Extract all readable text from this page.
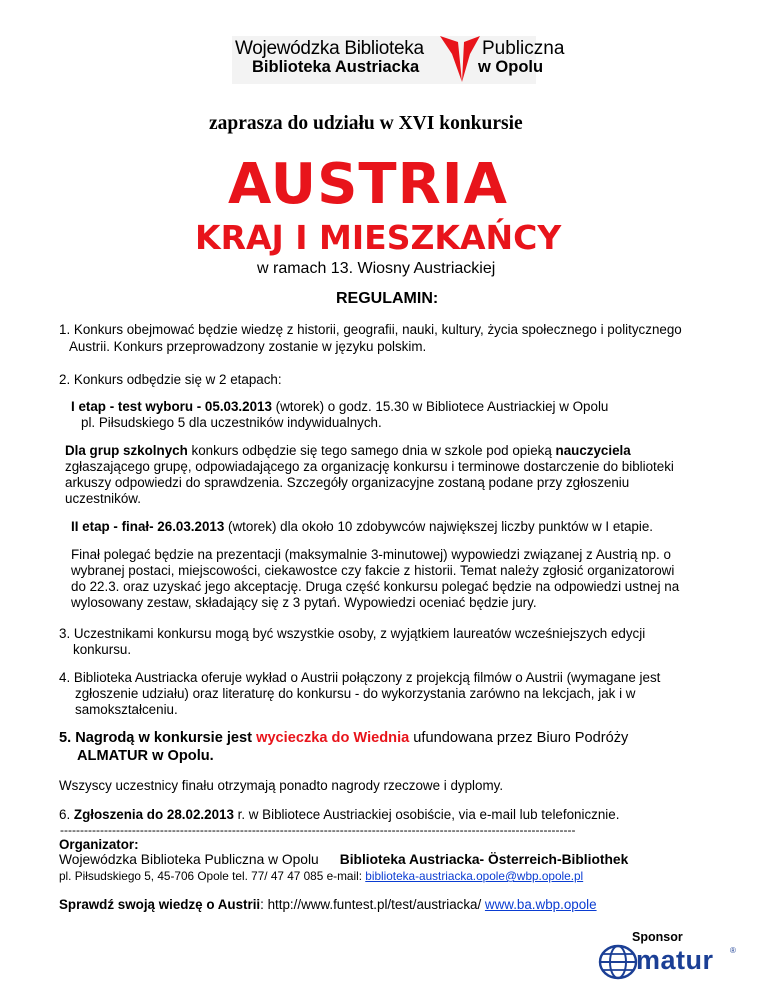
Wojewódzka Biblioteka
Biblioteka Austriacka
Publiczna
w Opolu
zaprasza do udziału w XVI konkursie
AUSTRIA
KRAJ I MIESZKAŃCY
w ramach 13. Wiosny Austriackiej
REGULAMIN:
1. Konkurs obejmować będzie wiedzę z historii, geografii, nauki, kultury, życia społecznego i politycznego
Austrii. Konkurs przeprowadzony zostanie w języku polskim.
2. Konkurs odbędzie się w 2 etapach:
I etap - test wyboru - 05.03.2013 (wtorek) o godz. 15.30 w Bibliotece Austriackiej w Opolu
pl. Piłsudskiego 5 dla uczestników indywidualnych.
Dla grup szkolnych konkurs odbędzie się tego samego dnia w szkole pod opieką nauczyciela
zgłaszającego grupę, odpowiadającego za organizację konkursu i terminowe dostarczenie do biblioteki
arkuszy odpowiedzi do sprawdzenia. Szczegóły organizacyjne zostaną podane przy zgłoszeniu
uczestników.
II etap - finał- 26.03.2013 (wtorek) dla około 10 zdobywców największej liczby punktów w I etapie.
Finał polegać będzie na prezentacji (maksymalnie 3-minutowej) wypowiedzi związanej z Austrią np. o
wybranej postaci, miejscowości, ciekawostce czy fakcie z historii. Temat należy zgłosić organizatorowi
do 22.3. oraz uzyskać jego akceptację. Druga część konkursu polegać będzie na odpowiedzi ustnej na
wylosowany zestaw, składający się z 3 pytań. Wypowiedzi oceniać będzie jury.
3. Uczestnikami konkursu mogą być wszystkie osoby, z wyjątkiem laureatów wcześniejszych edycji
konkursu.
4. Biblioteka Austriacka oferuje wykład o Austrii połączony z projekcją filmów o Austrii (wymagane jest
zgłoszenie udziału) oraz literaturę do konkursu - do wykorzystania zarówno na lekcjach, jak i w
samokształceniu.
5. Nagrodą w konkursie jest wycieczka do Wiednia ufundowana przez Biuro Podróży
ALMATUR w Opolu.
Wszyscy uczestnicy finału otrzymają ponadto nagrody rzeczowe i dyplomy.
6. Zgłoszenia do 28.02.2013 r. w Bibliotece Austriackiej osobiście, via e-mail lub telefonicznie.
---------------------------------------------------------------------------------------------------------------------------------
Organizator:
Wojewódzka Biblioteka Publiczna w Opolu Biblioteka Austriacka- Österreich-Bibliothek
pl. Piłsudskiego 5, 45-706 Opole tel. 77/ 47 47 085 e-mail: biblioteka-austriacka.opole@wbp.opole.pl
Sprawdź swoją wiedzę o Austrii: http://www.funtest.pl/test/austriacka/ www.ba.wbp.opole
Sponsor
matur ®
